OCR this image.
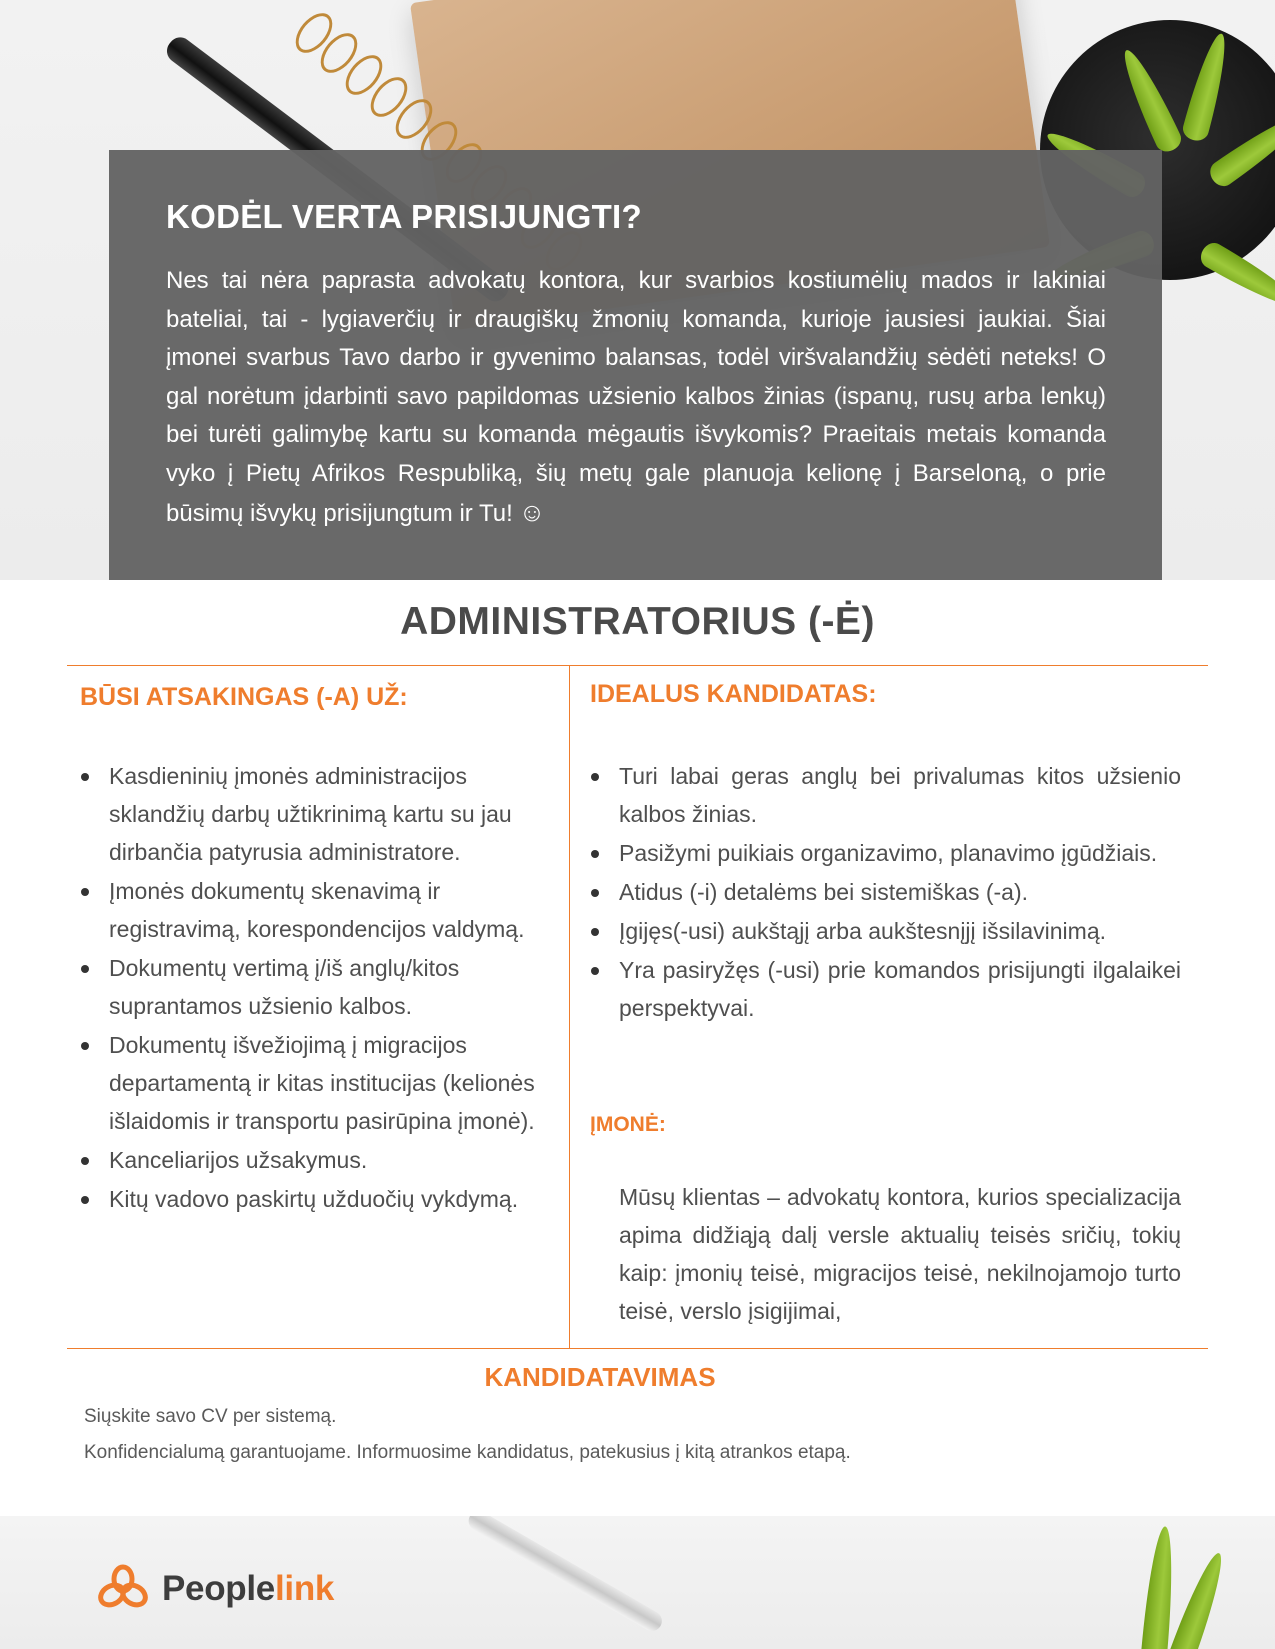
KODĖL VERTA PRISIJUNGTI?

Nes tai nėra paprasta advokatų kontora, kur svarbios kostiumėlių mados ir lakiniai bateliai, tai - lygiaverčių ir draugiškų žmonių komanda, kurioje jausiesi jaukiai. Šiai įmonei svarbus Tavo darbo ir gyvenimo balansas, todėl viršvalandžių sėdėti neteks! O gal norėtum įdarbinti savo papildomas užsienio kalbos žinias (ispanų, rusų arba lenkų) bei turėti galimybę kartu su komanda mėgautis išvykomis? Praeitais metais komanda vyko į Pietų Afrikos Respubliką, šių metų gale planuoja kelionę į Barseloną, o prie būsimų išvykų prisijungtum ir Tu! ☺

ADMINISTRATORIUS (-Ė)
BŪSI ATSAKINGAS (-A) UŽ:
Kasdieninių įmonės administracijos sklandžių darbų užtikrinimą kartu su jau dirbančia patyrusia administratore.
Įmonės dokumentų skenavimą ir registravimą, korespondencijos valdymą.
Dokumentų vertimą į/iš anglų/kitos suprantamos užsienio kalbos.
Dokumentų išvežiojimą į migracijos departamentą ir kitas institucijas (kelionės išlaidomis ir transportu pasirūpina įmonė).
Kanceliarijos užsakymus.
Kitų vadovo paskirtų užduočių vykdymą.
IDEALUS KANDIDATAS:
Turi labai geras anglų bei privalumas kitos užsienio kalbos žinias.
Pasižymi puikiais organizavimo, planavimo įgūdžiais.
Atidus (-i) detalėms bei sistemiškas (-a).
Įgijęs(-usi) aukštąjį arba aukštesnįjį išsilavinimą.
Yra pasiryžęs (-usi) prie komandos prisijungti ilgalaikei perspektyvai.
ĮMONĖ:

Mūsų klientas – advokatų kontora, kurios specializacija apima didžiąją dalį versle aktualių teisės sričių, tokių kaip: įmonių teisė, migracijos teisė, nekilnojamojo turto teisė, verslo įsigijimai,

KANDIDATAVIMAS

Siųskite savo CV per sistemą.

Konfidencialumą garantuojame. Informuosime kandidatus, patekusius į kitą atrankos etapą.

Peoplelink
